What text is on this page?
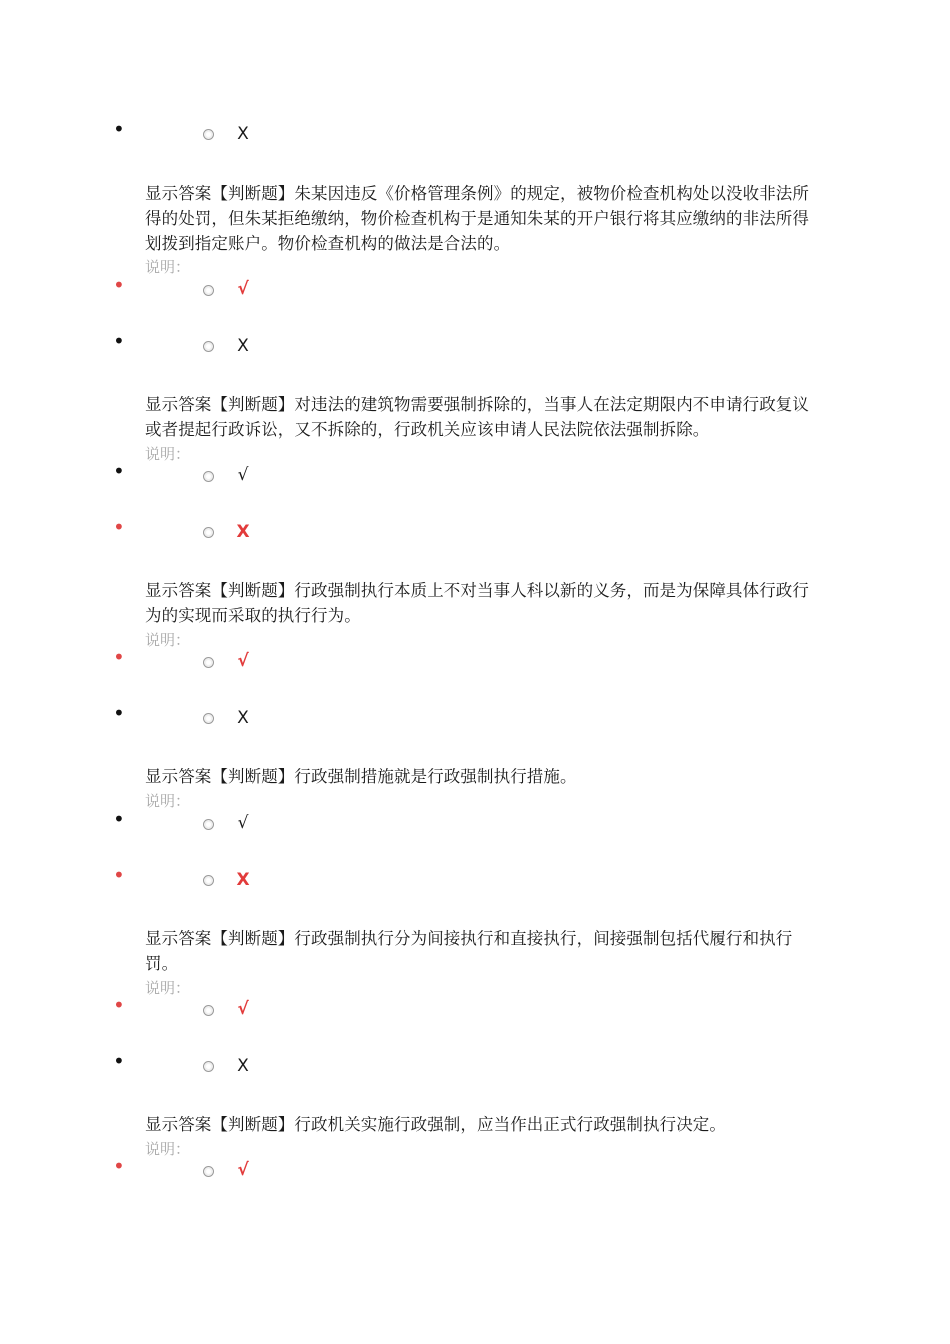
•	X
显示答案【判断题】朱某因违反《价格管理条例》的规定，被物价检查机构处以没收非法所得的处罚，但朱某拒绝缴纳，物价检查机构于是通知朱某的开户银行将其应缴纳的非法所得划拨到指定账户。物价检查机构的做法是合法的。
说明：
•	√
•	X
显示答案【判断题】对违法的建筑物需要强制拆除的，当事人在法定期限内不申请行政复议或者提起行政诉讼，又不拆除的，行政机关应该申请人民法院依法强制拆除。
说明：
•	√
•	X
显示答案【判断题】行政强制执行本质上不对当事人科以新的义务，而是为保障具体行政行为的实现而采取的执行行为。
说明：
•	√
•	X
显示答案【判断题】行政强制措施就是行政强制执行措施。
说明：
•	√
•	X
显示答案【判断题】行政强制执行分为间接执行和直接执行，间接强制包括代履行和执行罚。
说明：
•	√
•	X
显示答案【判断题】行政机关实施行政强制，应当作出正式行政强制执行决定。
说明：
•	√
